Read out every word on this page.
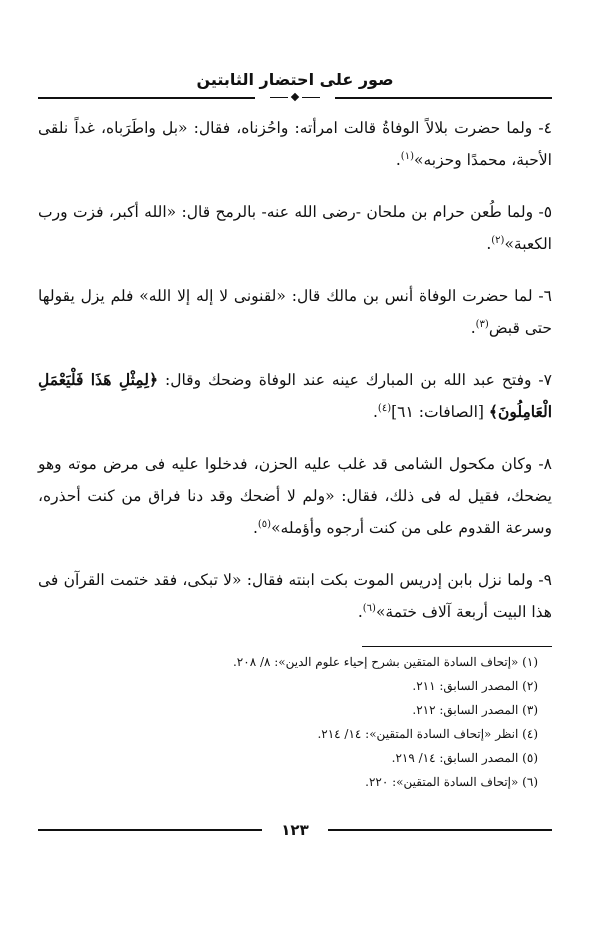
صور على احتضار الثابتين

٤- ولما حضرت بلالاً الوفاةُ قالت امرأته: واحُزناه، فقال: «بل واطَرَباه، غداً نلقى الأحبة، محمدًا وحزبه»$^{(١)}$.

٥- ولما طُعن حرام بن ملحان -رضى الله عنه- بالرمح قال: «الله أكبر، فزت ورب الكعبة»$^{(٢)}$.

٦- لما حضرت الوفاة أنس بن مالك قال: «لقنونى لا إله إلا الله» فلم يزل يقولها حتى قبض$^{(٣)}$.

٧- وفتح عبد الله بن المبارك عينه عند الوفاة وضحك وقال: ﴿لِمِثْلِ هَذَا فَلْيَعْمَلِ الْعَامِلُونَ﴾ [الصافات: ٦١]$^{(٤)}$.

٨- وكان مكحول الشامى قد غلب عليه الحزن، فدخلوا عليه فى مرض موته وهو يضحك، فقيل له فى ذلك، فقال: «ولم لا أضحك وقد دنا فراق من كنت أحذره، وسرعة القدوم على من كنت أرجوه وأؤمله»$^{(٥)}$.

٩- ولما نزل بابن إدريس الموت بكت ابنته فقال: «لا تبكى، فقد ختمت القرآن فى هذا البيت أربعة آلاف ختمة»$^{(٦)}$.

(١) «إتحاف السادة المتقين بشرح إحياء علوم الدين»: ٨/ ٢٠٨.
(٢) المصدر السابق: ٢١١.
(٣) المصدر السابق: ٢١٢.
(٤) انظر «إتحاف السادة المتقين»: ١٤/ ٢١٤.
(٥) المصدر السابق: ١٤/ ٢١٩.
(٦) «إتحاف السادة المتقين»: ٢٢٠.
١٢٣
